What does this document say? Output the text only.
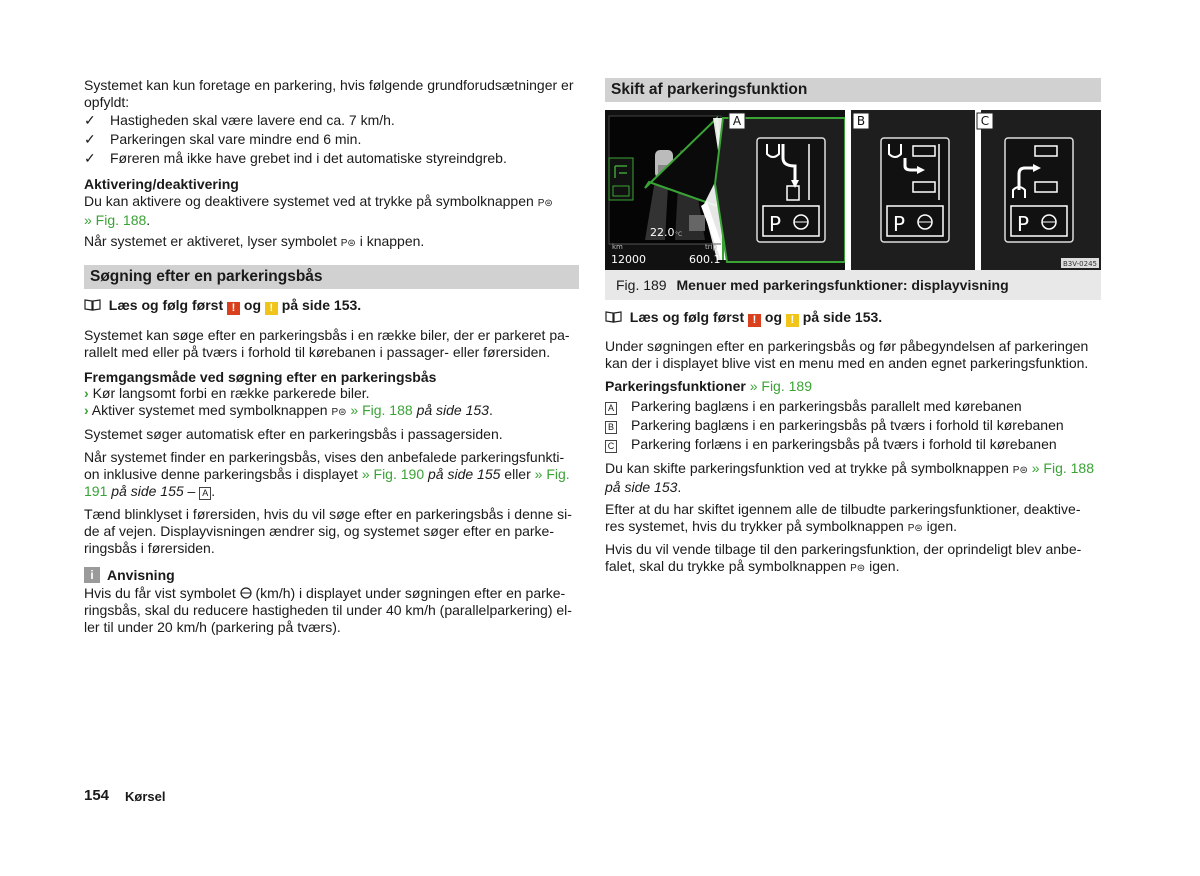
Systemet kan kun foretage en parkering, hvis følgende grundforudsætninger er opfyldt:

✓ Hastigheden skal være lavere end ca. 7 km/h.
✓ Parkeringen skal vare mindre end 6 min.
✓ Føreren må ikke have grebet ind i det automatiske styreindgreb.

Aktivering/deaktivering

Du kan aktivere og deaktivere systemet ved at trykke på symbolknappen P⊜
» Fig. 188.

Når systemet er aktiveret, lyser symbolet P⊜ i knappen.

Søgning efter en parkeringsbås

Læs og følg først ! og ! på side 153.

Systemet kan søge efter en parkeringsbås i en række biler, der er parkeret pa-
rallelt med eller på tværs i forhold til kørebanen i passager- eller førersiden.

Fremgangsmåde ved søgning efter en parkeringsbås

› Kør langsomt forbi en række parkerede biler.

› Aktiver systemet med symbolknappen P⊜ » Fig. 188 på side 153.

Systemet søger automatisk efter en parkeringsbås i passagersiden.

Når systemet finder en parkeringsbås, vises den anbefalede parkeringsfunkti-
on inklusive denne parkeringsbås i displayet » Fig. 190 på side 155 eller » Fig.
191 på side 155 – A .

Tænd blinklyset i førersiden, hvis du vil søge efter en parkeringsbås i denne si-
de af vejen. Displayvisningen ændrer sig, og systemet søger efter en parke-
ringsbås i førersiden.

i Anvisning

Hvis du får vist symbolet (km/h) i displayet under søgningen efter en parke-
ringsbås, skal du reducere hastigheden til under 40 km/h (parallelparkering) el-
ler til under 20 km/h (parkering på tværs).

Skift af parkeringsfunktion
km	trip
22.0 °C
12000	600.1
A
P
B
P
C
P
B3V-0245
Fig. 189 Menuer med parkeringsfunktioner: displayvisning

Læs og følg først ! og ! på side 153.

Under søgningen efter en parkeringsbås og før påbegyndelsen af parkeringen
kan der i displayet blive vist en menu med en anden egnet parkeringsfunktion.

Parkeringsfunktioner » Fig. 189

A Parkering baglæns i en parkeringsbås parallelt med kørebanen
B Parkering baglæns i en parkeringsbås på tværs i forhold til kørebanen
C Parkering forlæns i en parkeringsbås på tværs i forhold til kørebanen

Du kan skifte parkeringsfunktion ved at trykke på symbolknappen P⊜ » Fig. 188
på side 153.

Efter at du har skiftet igennem alle de tilbudte parkeringsfunktioner, deaktive-
res systemet, hvis du trykker på symbolknappen P⊜ igen.

Hvis du vil vende tilbage til den parkeringsfunktion, der oprindeligt blev anbe-
falet, skal du trykke på symbolknappen P⊜ igen.

154 Kørsel
